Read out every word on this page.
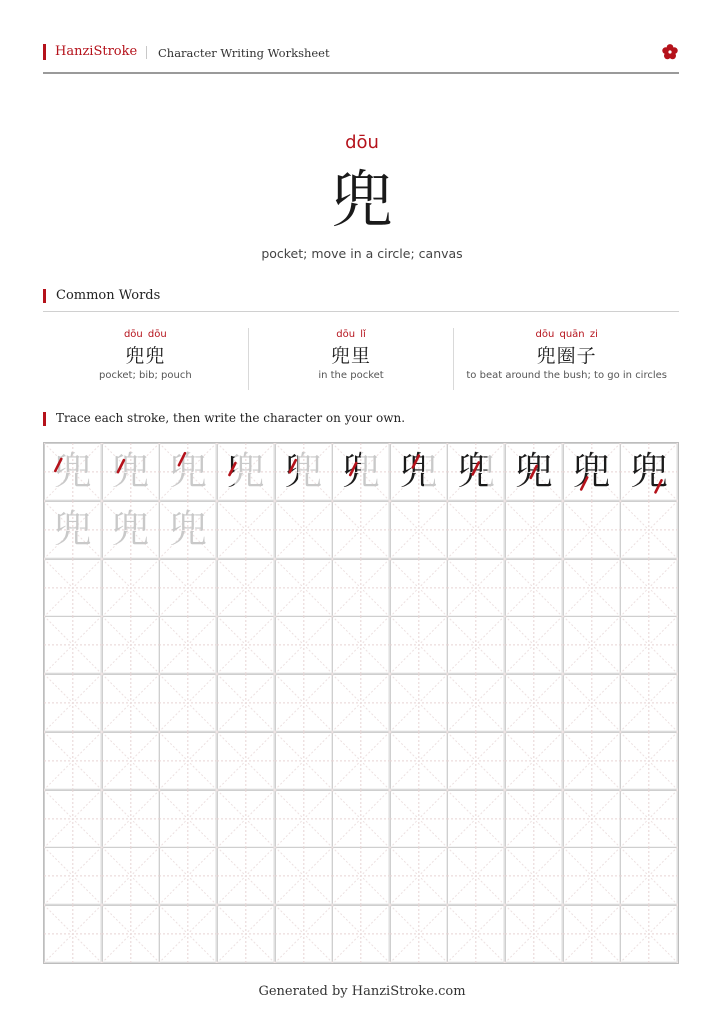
HanziStroke Character Writing Worksheet
dōu
兜
pocket; move in a circle; canvas
Common Words
dōu dōu
兜兜
pocket; bib; pouch
dōu lǐ
兜里
in the pocket
dōu quān zi
兜圈子
to beat around the bush; to go in circles
Trace each stroke, then write the character on your own.
兜 兜 兜 兜 兜 兜 兜 兜 兜 兜 兜
兜 兜 兜
Generated by HanziStroke.com
